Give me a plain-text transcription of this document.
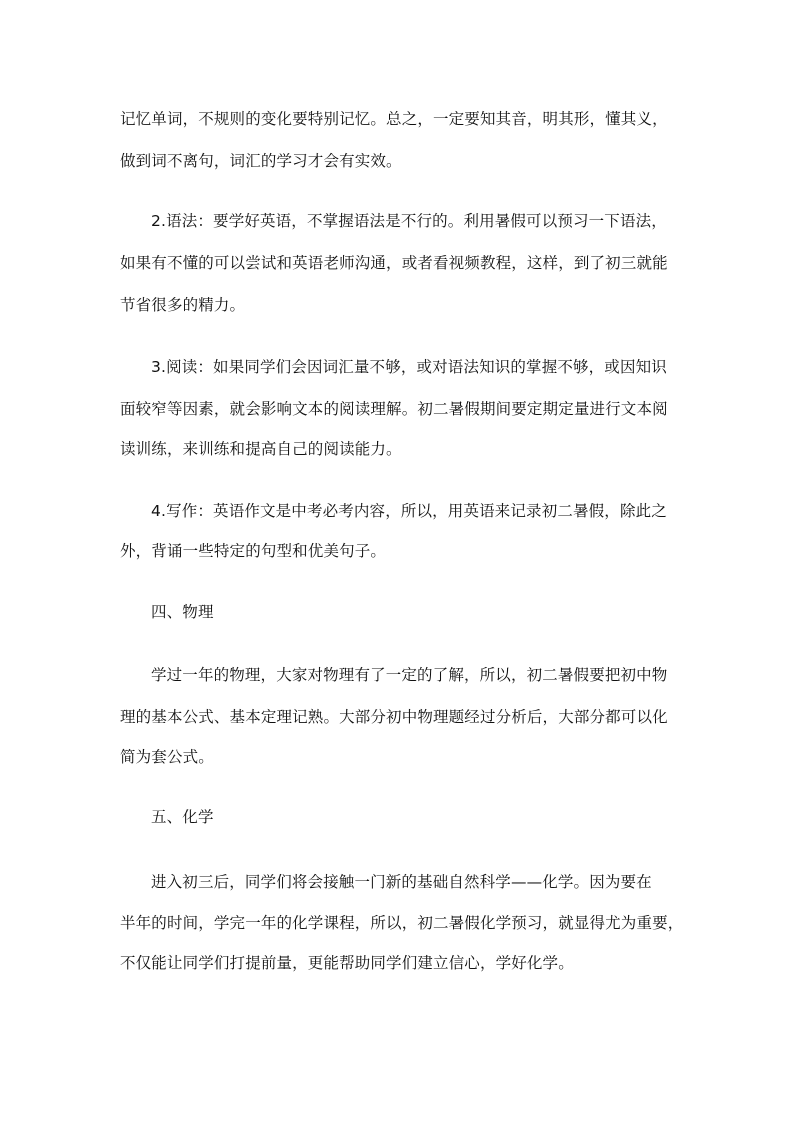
记忆单词，不规则的变化要特别记忆。总之，一定要知其音，明其形，懂其义，
做到词不离句，词汇的学习才会有实效。
2.语法：要学好英语，不掌握语法是不行的。利用暑假可以预习一下语法，
如果有不懂的可以尝试和英语老师沟通，或者看视频教程，这样，到了初三就能
节省很多的精力。
3.阅读：如果同学们会因词汇量不够，或对语法知识的掌握不够，或因知识
面较窄等因素，就会影响文本的阅读理解。初二暑假期间要定期定量进行文本阅
读训练，来训练和提高自己的阅读能力。
4.写作：英语作文是中考必考内容，所以，用英语来记录初二暑假，除此之
外，背诵一些特定的句型和优美句子。
四、物理
学过一年的物理，大家对物理有了一定的了解，所以，初二暑假要把初中物
理的基本公式、基本定理记熟。大部分初中物理题经过分析后，大部分都可以化
简为套公式。
五、化学
进入初三后，同学们将会接触一门新的基础自然科学——化学。因为要在
半年的时间，学完一年的化学课程，所以，初二暑假化学预习，就显得尤为重要，
不仅能让同学们打提前量，更能帮助同学们建立信心，学好化学。
